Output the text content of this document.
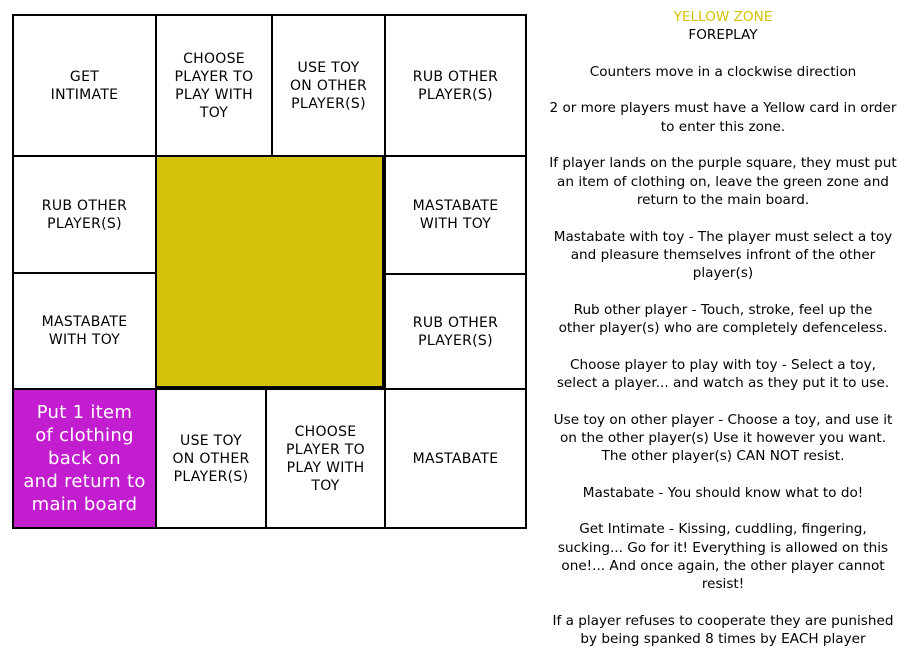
GET
INTIMATE
CHOOSE
PLAYER TO
PLAY WITH
TOY
USE TOY
ON OTHER
PLAYER(S)
RUB OTHER
PLAYER(S)
RUB OTHER
PLAYER(S)
MASTABATE
WITH TOY
MASTABATE
WITH TOY
RUB OTHER
PLAYER(S)
Put 1 item
of clothing
back on
and return to
main board
USE TOY
ON OTHER
PLAYER(S)
CHOOSE
PLAYER TO
PLAY WITH
TOY
MASTABATE

YELLOW ZONE

FOREPLAY

Counters move in a clockwise direction

2 or more players must have a Yellow card in order
to enter this zone.

If player lands on the purple square, they must put
an item of clothing on, leave the green zone and
return to the main board.

Mastabate with toy - The player must select a toy
and pleasure themselves infront of the other
player(s)

Rub other player - Touch, stroke, feel up the
other player(s) who are completely defenceless.

Choose player to play with toy - Select a toy,
select a player... and watch as they put it to use.

Use toy on other player - Choose a toy, and use it
on the other player(s) Use it however you want.
The other player(s) CAN NOT resist.

Mastabate - You should know what to do!

Get Intimate - Kissing, cuddling, fingering,
sucking... Go for it! Everything is allowed on this
one!... And once again, the other player cannot
resist!

If a player refuses to cooperate they are punished
by being spanked 8 times by EACH player
